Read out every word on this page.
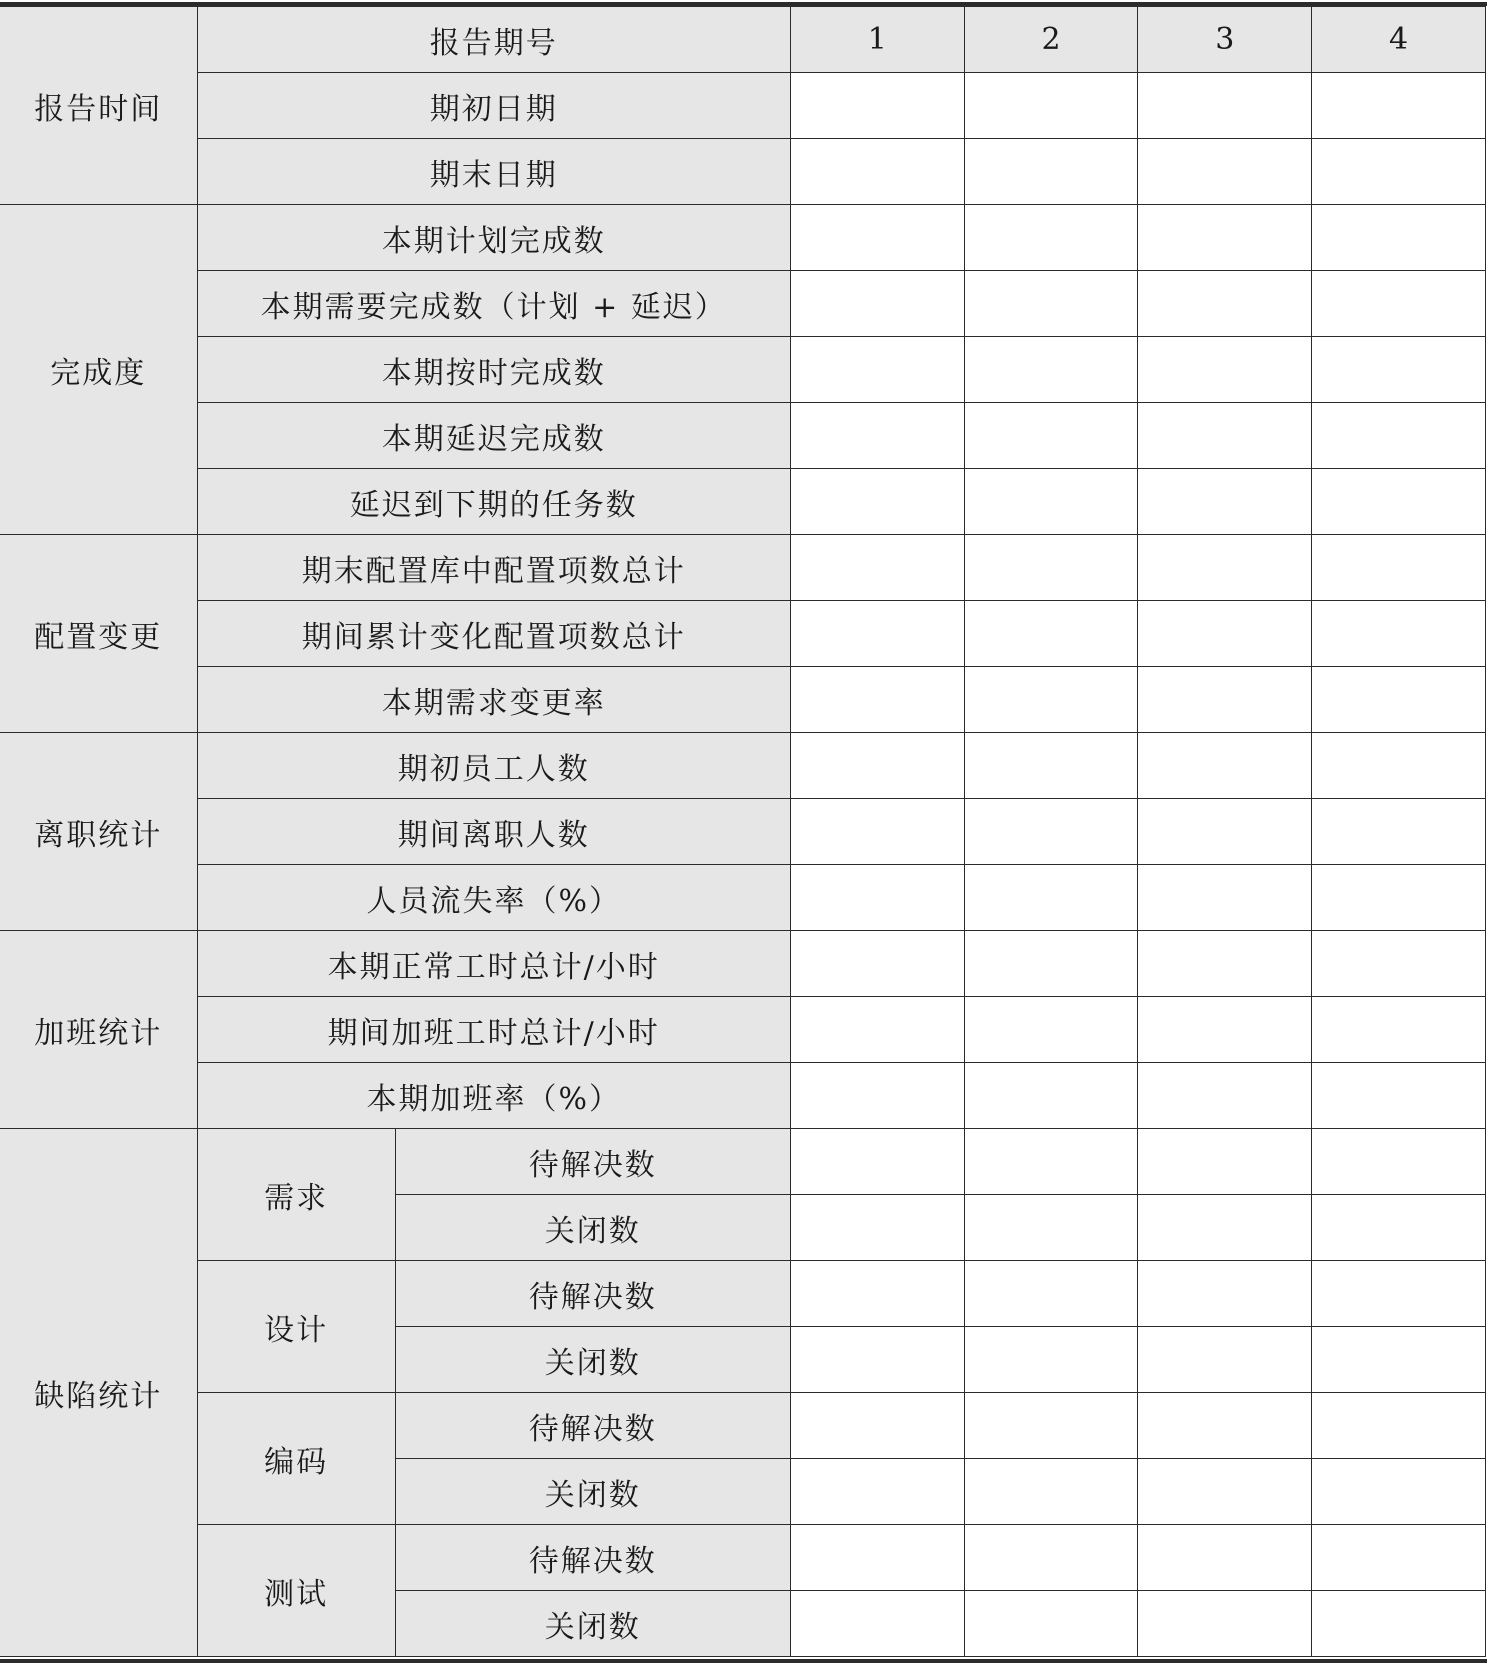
报告时间	报告期号		1	2	3	4
	期初日期					
	期末日期					
完成度	本期计划完成数					
	本期需要完成数（计划 + 延迟）					
	本期按时完成数					
	本期延迟完成数					
	延迟到下期的任务数					
配置变更	期末配置库中配置项数总计					
	期间累计变化配置项数总计					
	本期需求变更率					
离职统计	期初员工人数					
	期间离职人数					
	人员流失率（%）					
加班统计	本期正常工时总计/小时					
	期间加班工时总计/小时					
	本期加班率（%）					
缺陷统计	需求	待解决数				
		关闭数				
	设计	待解决数				
		关闭数				
	编码	待解决数				
		关闭数				
	测试	待解决数				
		关闭数				
